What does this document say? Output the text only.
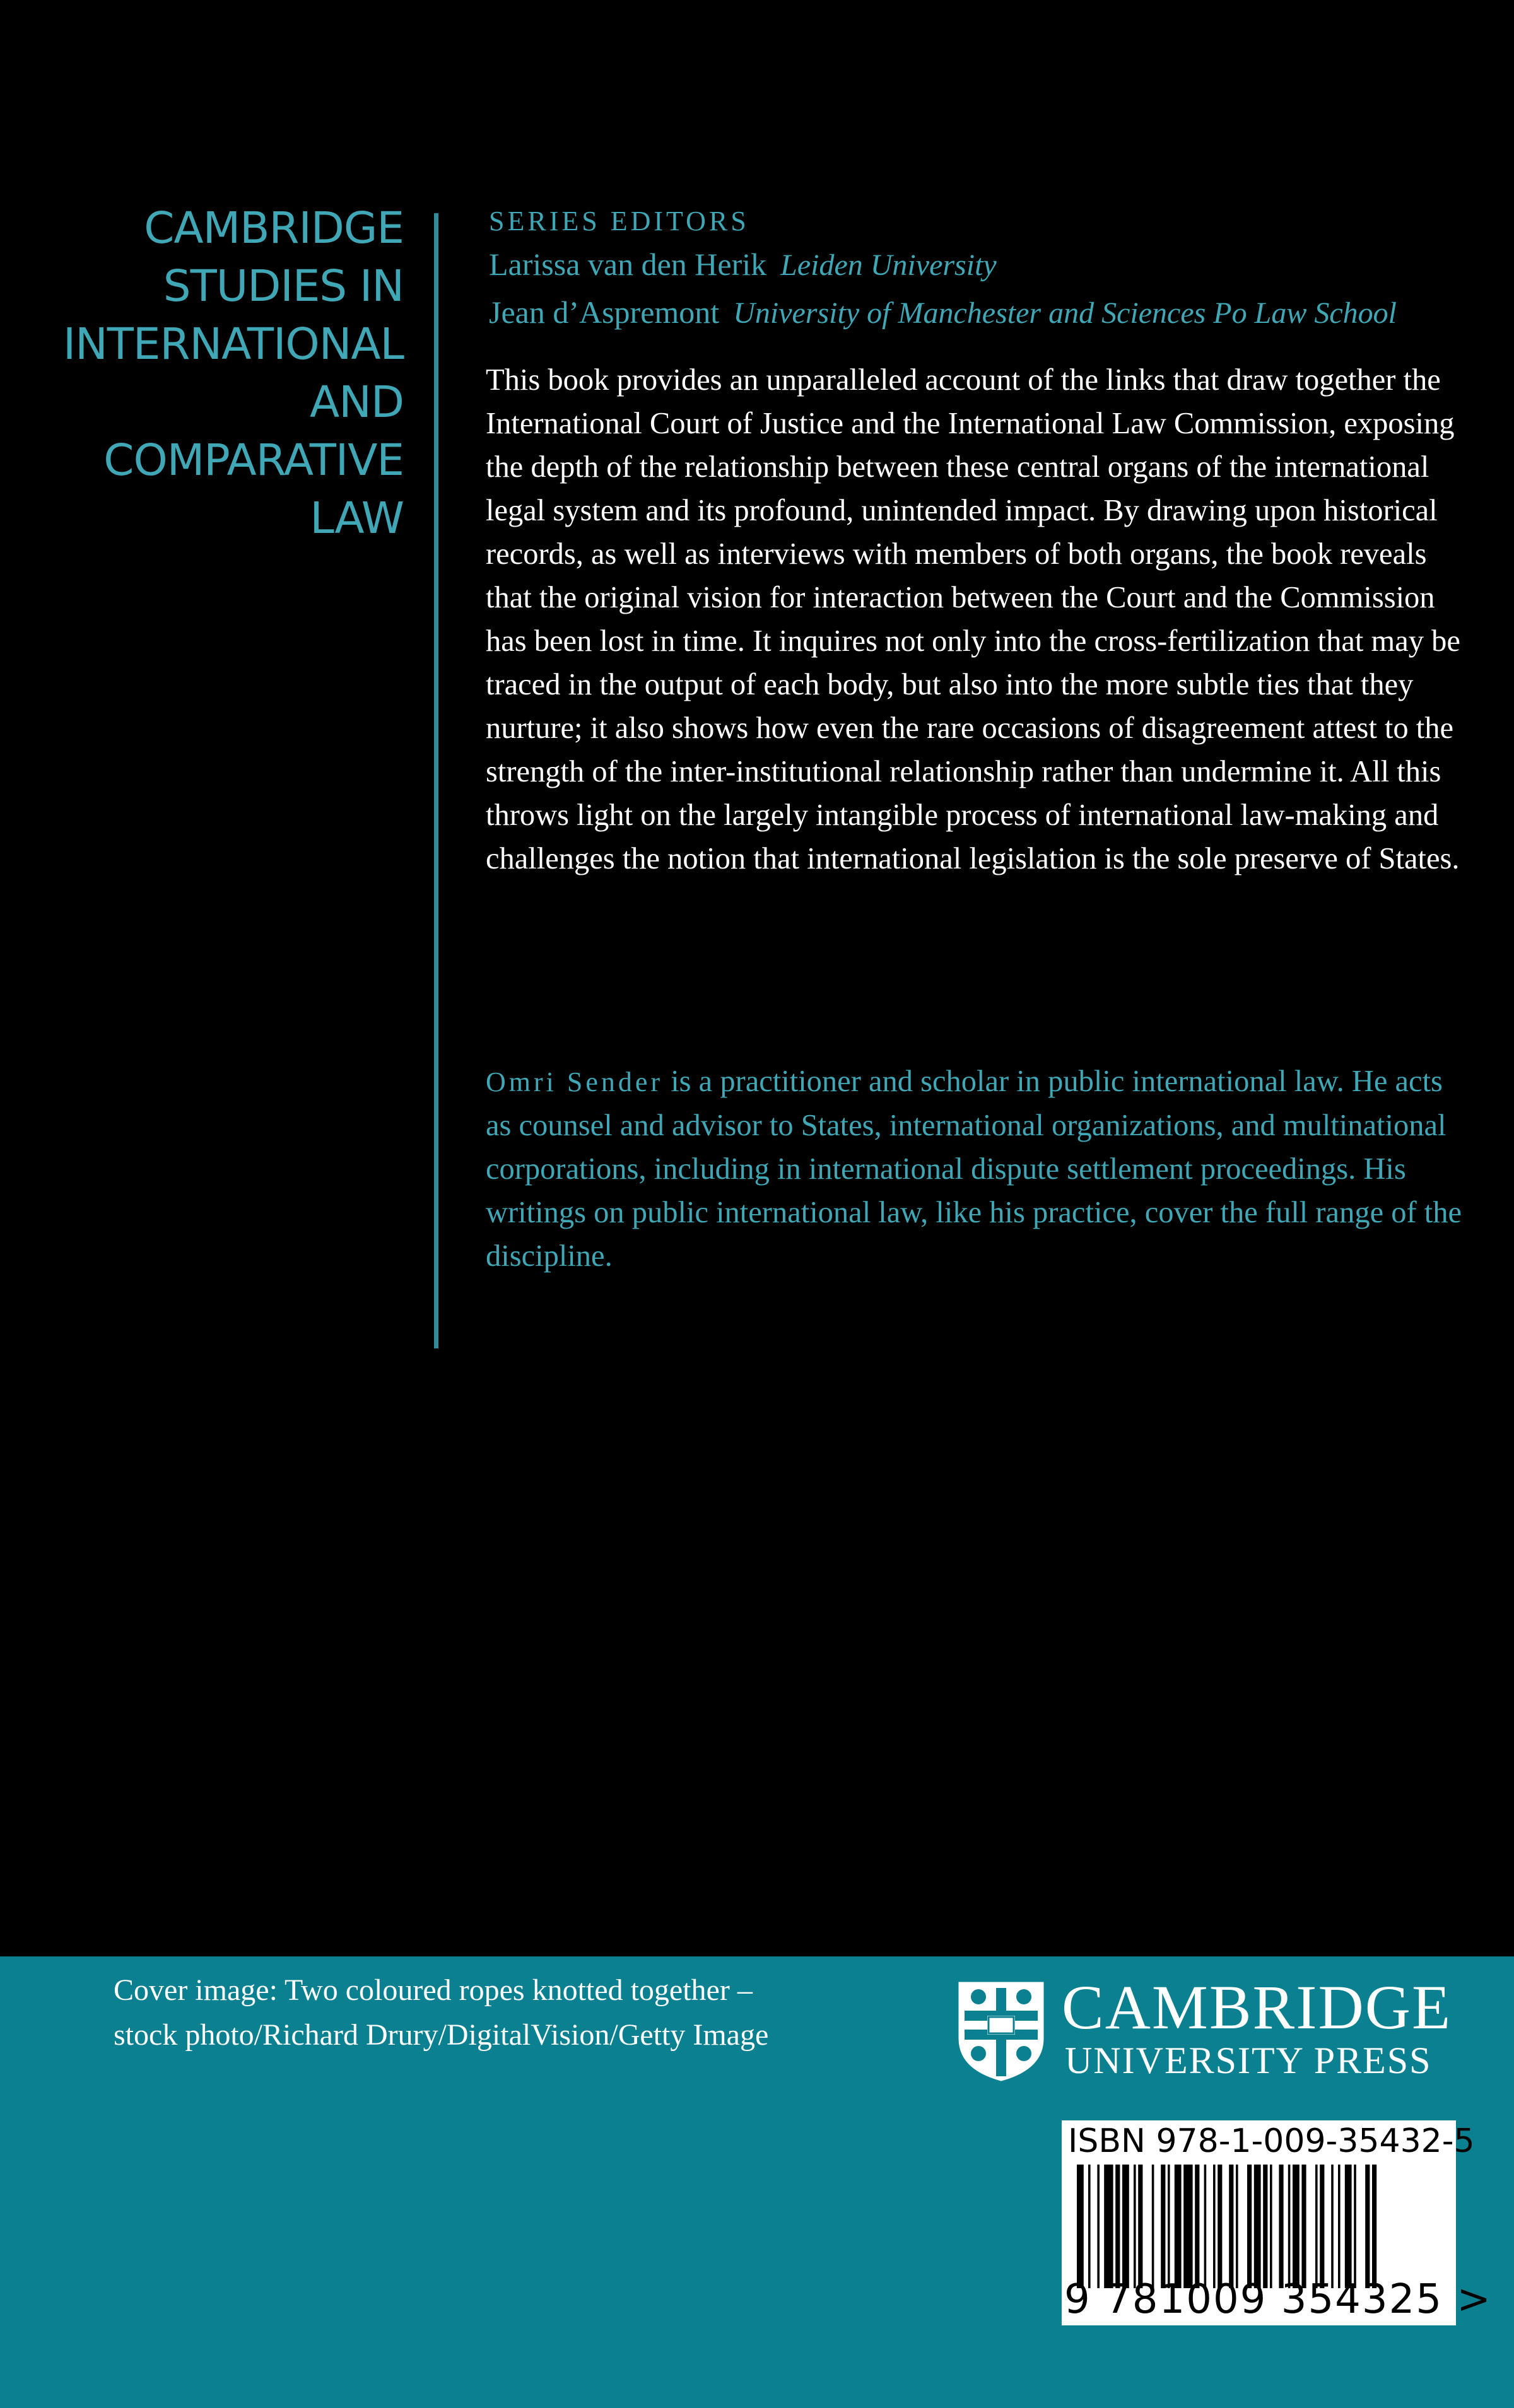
CAMBRIDGE
STUDIES IN
INTERNATIONAL
AND
COMPARATIVE
LAW
SERIES EDITORS
Larissa van den Herik Leiden University
Jean d’Aspremont University of Manchester and Sciences Po Law School

This book provides an unparalleled account of the links that draw together the International Court of Justice and the International Law Commission, exposing the depth of the relationship between these central organs of the international legal system and its profound, unintended impact. By drawing upon historical records, as well as interviews with members of both organs, the book reveals that the original vision for interaction between the Court and the Commission has been lost in time. It inquires not only into the cross-fertilization that may be traced in the output of each body, but also into the more subtle ties that they nurture; it also shows how even the rare occasions of disagreement attest to the strength of the inter-institutional relationship rather than undermine it. All this throws light on the largely intangible process of international law-making and challenges the notion that international legislation is the sole preserve of States.

Omri Sender is a practitioner and scholar in public international law. He acts as counsel and advisor to States, international organizations, and multinational corporations, including in international dispute settlement proceedings. His writings on public international law, like his practice, cover the full range of the discipline.

Cover image: Two coloured ropes knotted together –
stock photo/Richard Drury/DigitalVision/Getty Image	CAMBRIDGE
UNIVERSITY PRESS
ISBN 978-1-009-35432-5
9 781009 354325 >
